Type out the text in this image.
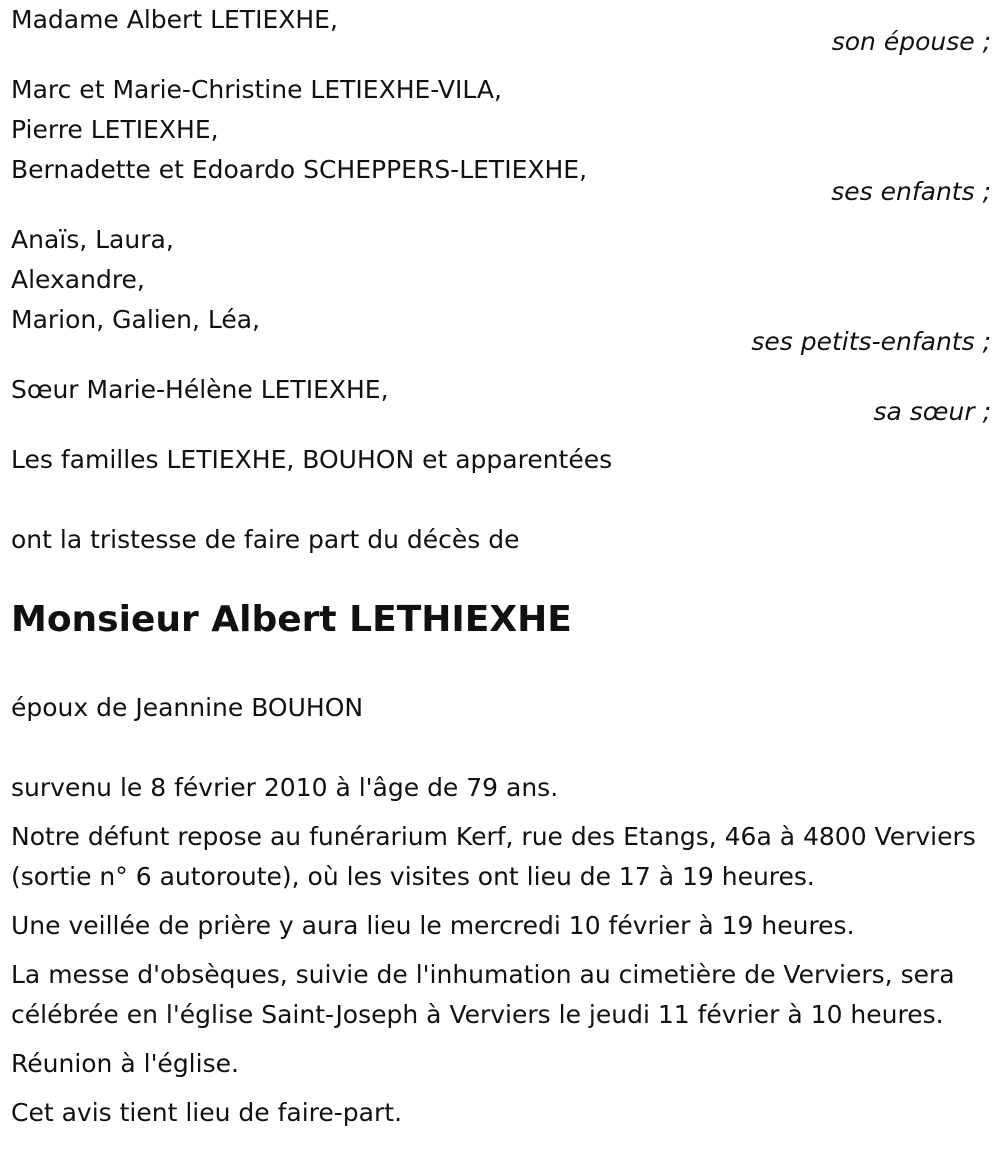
Madame Albert LETIEXHE,
son épouse ;
Marc et Marie-Christine LETIEXHE-VILA,
Pierre LETIEXHE,
Bernadette et Edoardo SCHEPPERS-LETIEXHE,
ses enfants ;
Anaïs, Laura,
Alexandre,
Marion, Galien, Léa,
ses petits-enfants ;
Sœur Marie-Hélène LETIEXHE,
sa sœur ;
Les familles LETIEXHE, BOUHON et apparentées
ont la tristesse de faire part du décès de
Monsieur Albert LETHIEXHE
époux de Jeannine BOUHON
survenu le 8 février 2010 à l'âge de 79 ans.
Notre défunt repose au funérarium Kerf, rue des Etangs, 46a à 4800 Verviers (sortie n° 6 autoroute), où les visites ont lieu de 17 à 19 heures.
Une veillée de prière y aura lieu le mercredi 10 février à 19 heures.
La messe d'obsèques, suivie de l'inhumation au cimetière de Verviers, sera célébrée en l'église Saint-Joseph à Verviers le jeudi 11 février à 10 heures.
Réunion à l'église.
Cet avis tient lieu de faire-part.
